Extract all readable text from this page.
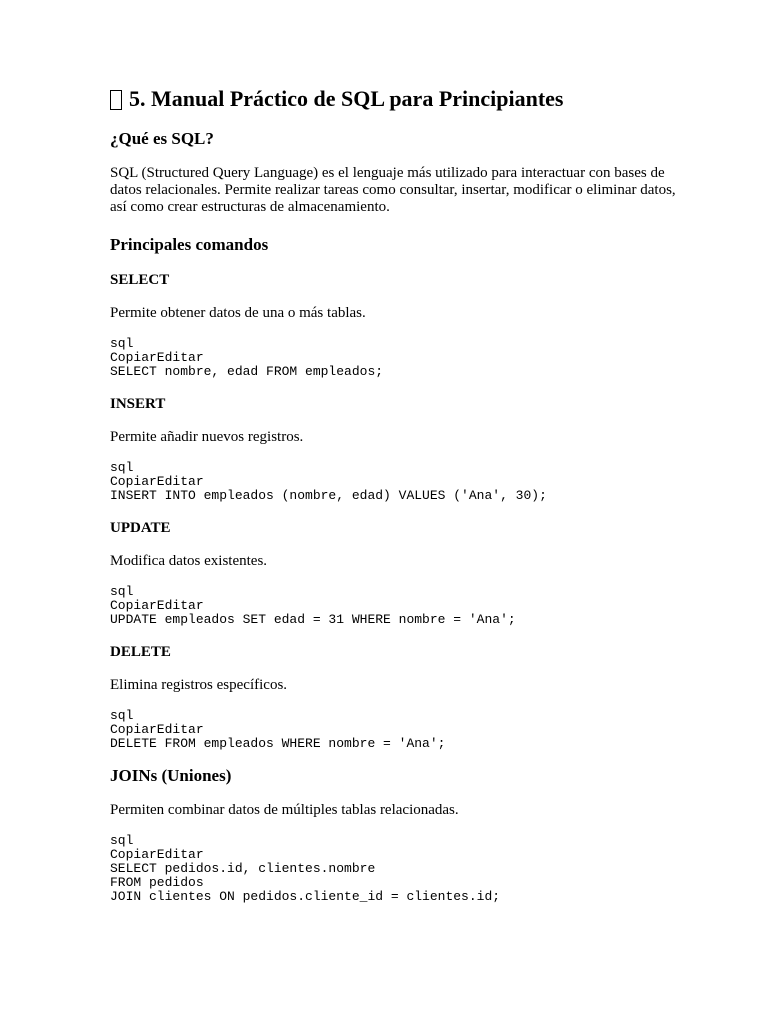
5. Manual Práctico de SQL para Principiantes
¿Qué es SQL?

SQL (Structured Query Language) es el lenguaje más utilizado para interactuar con bases de datos relacionales. Permite realizar tareas como consultar, insertar, modificar o eliminar datos, así como crear estructuras de almacenamiento.

Principales comandos
SELECT

Permite obtener datos de una o más tablas.

sql
CopiarEditar
SELECT nombre, edad FROM empleados;
INSERT

Permite añadir nuevos registros.

sql
CopiarEditar
INSERT INTO empleados (nombre, edad) VALUES ('Ana', 30);
UPDATE

Modifica datos existentes.

sql
CopiarEditar
UPDATE empleados SET edad = 31 WHERE nombre = 'Ana';
DELETE

Elimina registros específicos.

sql
CopiarEditar
DELETE FROM empleados WHERE nombre = 'Ana';
JOINs (Uniones)

Permiten combinar datos de múltiples tablas relacionadas.

sql
CopiarEditar
SELECT pedidos.id, clientes.nombre
FROM pedidos
JOIN clientes ON pedidos.cliente_id = clientes.id;
